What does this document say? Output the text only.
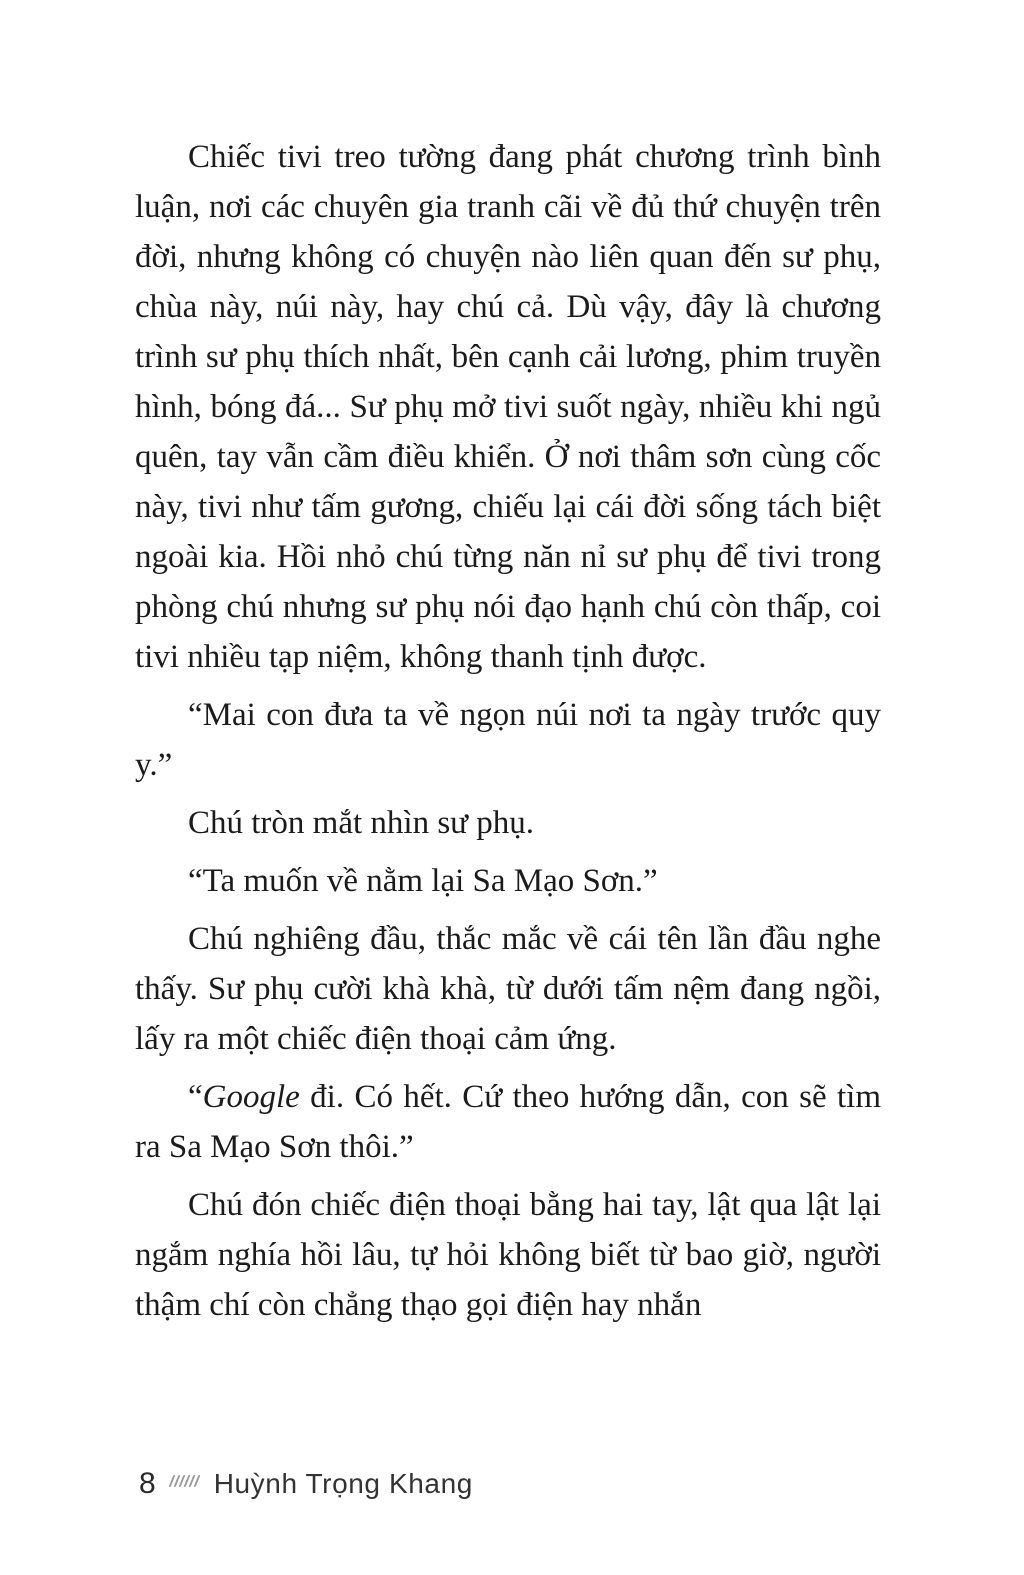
Chiếc tivi treo tường đang phát chương trình bình luận, nơi các chuyên gia tranh cãi về đủ thứ chuyện trên đời, nhưng không có chuyện nào liên quan đến sư phụ, chùa này, núi này, hay chú cả. Dù vậy, đây là chương trình sư phụ thích nhất, bên cạnh cải lương, phim truyền hình, bóng đá... Sư phụ mở tivi suốt ngày, nhiều khi ngủ quên, tay vẫn cầm điều khiển. Ở nơi thâm sơn cùng cốc này, tivi như tấm gương, chiếu lại cái đời sống tách biệt ngoài kia. Hồi nhỏ chú từng năn nỉ sư phụ để tivi trong phòng chú nhưng sư phụ nói đạo hạnh chú còn thấp, coi tivi nhiều tạp niệm, không thanh tịnh được.

“Mai con đưa ta về ngọn núi nơi ta ngày trước quy y.”

Chú tròn mắt nhìn sư phụ.

“Ta muốn về nằm lại Sa Mạo Sơn.”

Chú nghiêng đầu, thắc mắc về cái tên lần đầu nghe thấy. Sư phụ cười khà khà, từ dưới tấm nệm đang ngồi, lấy ra một chiếc điện thoại cảm ứng.

“Google đi. Có hết. Cứ theo hướng dẫn, con sẽ tìm ra Sa Mạo Sơn thôi.”

Chú đón chiếc điện thoại bằng hai tay, lật qua lật lại ngắm nghía hồi lâu, tự hỏi không biết từ bao giờ, người thậm chí còn chẳng thạo gọi điện hay nhắn

8 Huỳnh Trọng Khang
